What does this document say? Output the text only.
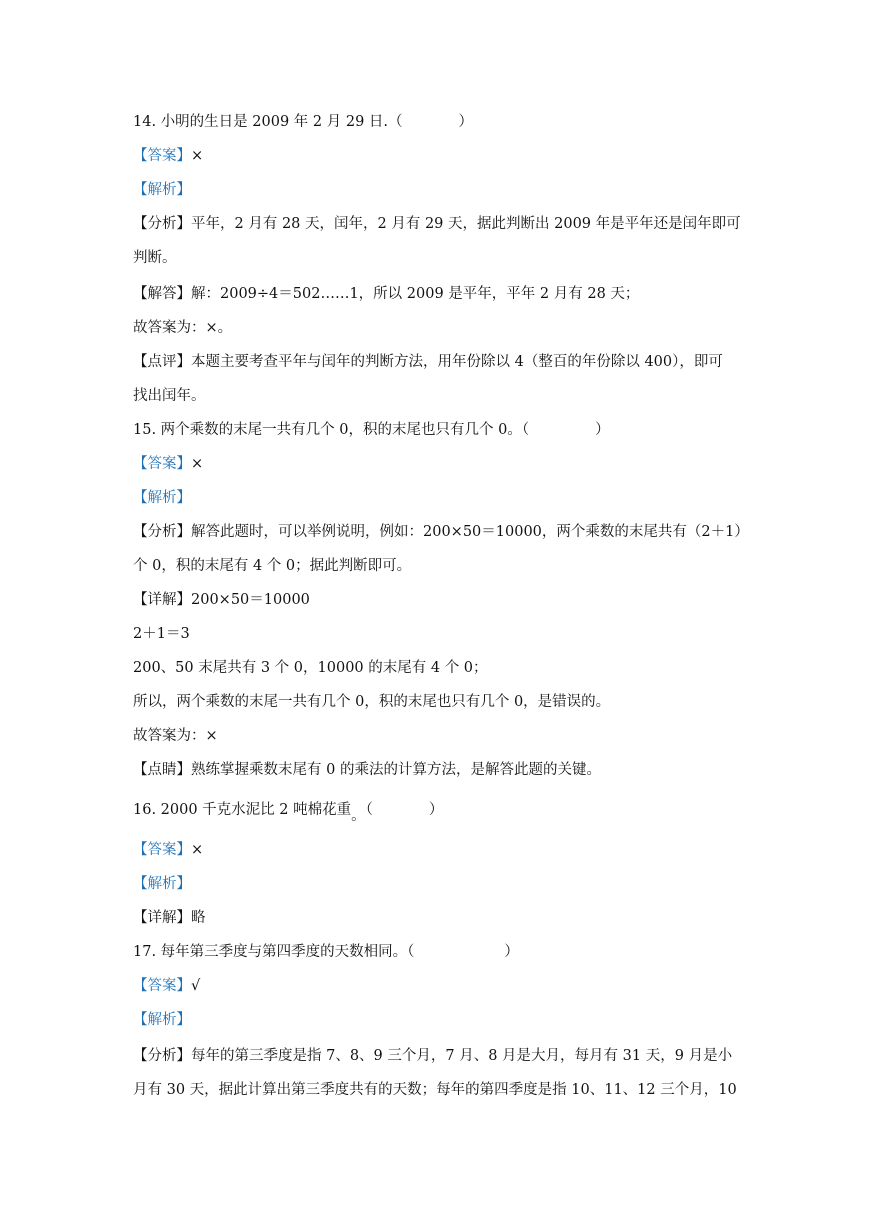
14. 小明的生日是 2009 年 2 月 29 日.（	）
【答案】×
【解析】
【分析】平年，2 月有 28 天，闰年，2 月有 29 天，据此判断出 2009 年是平年还是闰年即可
判断。
【解答】解：2009÷4＝502……1，所以 2009 是平年，平年 2 月有 28 天；
故答案为：×。
【点评】本题主要考查平年与闰年的判断方法，用年份除以 4（整百的年份除以 400），即可
找出闰年。
15. 两个乘数的末尾一共有几个 0，积的末尾也只有几个 0。（	）
【答案】×
【解析】
【分析】解答此题时，可以举例说明，例如：200×50＝10000，两个乘数的末尾共有（2＋1）
个 0，积的末尾有 4 个 0；据此判断即可。
【详解】200×50＝10000
2＋1＝3
200、50 末尾共有 3 个 0，10000 的末尾有 4 个 0；
所以，两个乘数的末尾一共有几个 0，积的末尾也只有几个 0，是错误的。
故答案为：×
【点睛】熟练掌握乘数末尾有 0 的乘法的计算方法，是解答此题的关键。
16. 2000 千克水泥比 2 吨棉花重。（	）
【答案】×
【解析】
【详解】略
17. 每年第三季度与第四季度的天数相同。（	）
【答案】√
【解析】
【分析】每年的第三季度是指 7、8、9 三个月，7 月、8 月是大月，每月有 31 天，9 月是小
月有 30 天，据此计算出第三季度共有的天数；每年的第四季度是指 10、11、12 三个月，10
